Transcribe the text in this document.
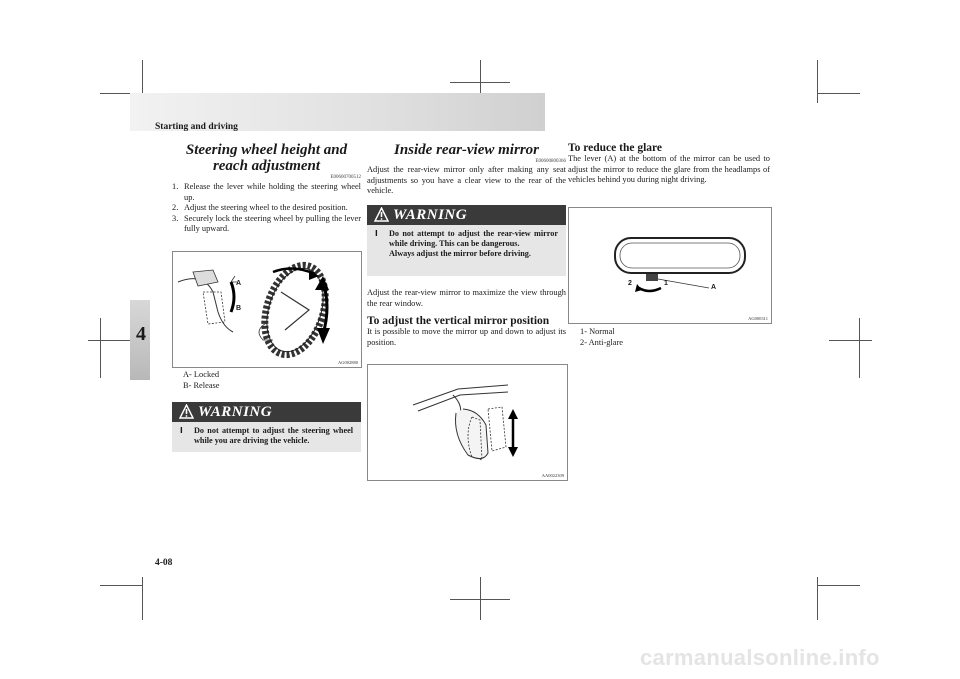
Starting and driving
4
Steering wheel height and reach adjustment
E00600700512
1. Release the lever while holding the steering wheel up.
2. Adjust the steering wheel to the desired position.
3. Securely lock the steering wheel by pulling the lever fully upward.
A
B
AG002880
A- Locked
B- Release
WARNING
l	Do not attempt to adjust the steering wheel while you are driving the vehicle.
Inside rear-view mirror
E00600800366
Adjust the rear-view mirror only after making any seat adjustments so you have a clear view to the rear of the vehicle.
WARNING
l	Do not attempt to adjust the rear-view mirror while driving. This can be dangerous.
Always adjust the mirror before driving.
Adjust the rear-view mirror to maximize the view through the rear window.
To adjust the vertical mirror position
It is possible to move the mirror up and down to adjust its position.
AA0022309
To reduce the glare
The lever (A) at the bottom of the mirror can be used to adjust the mirror to reduce the glare from the headlamps of vehicles behind you during night driving.
2	1
A
AG000311
1- Normal
2- Anti-glare
4-08
carmanualsonline.info
